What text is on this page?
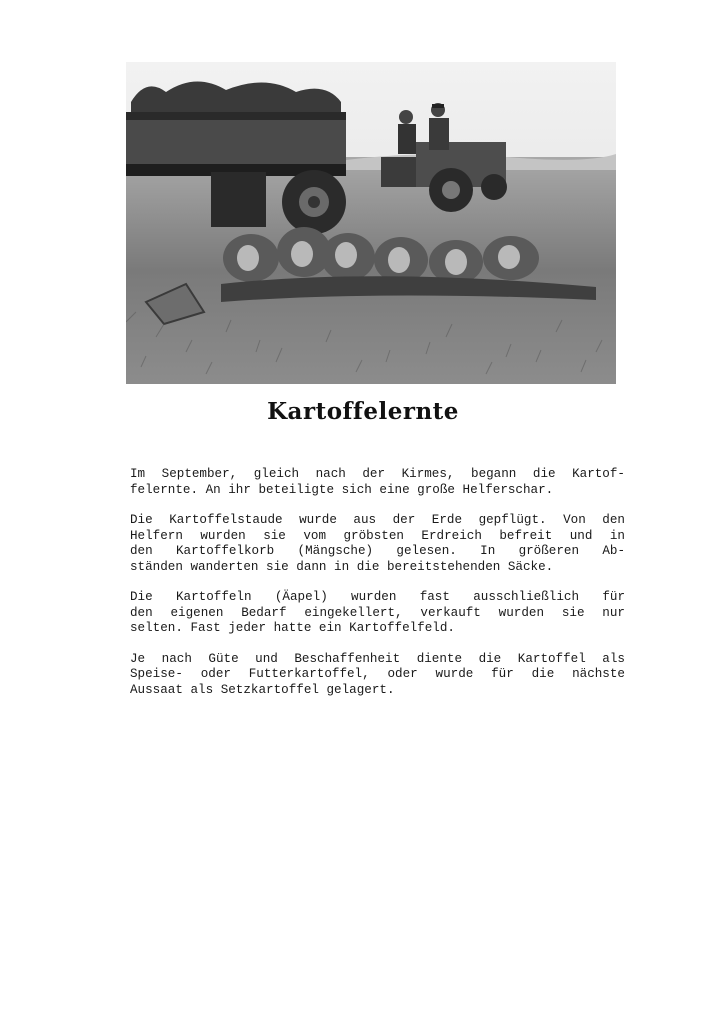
Kartoffelernte

Im September, gleich nach der Kirmes, begann die Kartof-
felernte. An ihr beteiligte sich eine große Helferschar.

Die Kartoffelstaude wurde aus der Erde gepflügt. Von den
Helfern wurden sie vom gröbsten Erdreich befreit und in
den Kartoffelkorb (Mängsche) gelesen. In größeren Ab-
ständen wanderten sie dann in die bereitstehenden Säcke.

Die Kartoffeln (Äapel) wurden fast ausschließlich für
den eigenen Bedarf eingekellert, verkauft wurden sie nur
selten. Fast jeder hatte ein Kartoffelfeld.

Je nach Güte und Beschaffenheit diente die Kartoffel als
Speise- oder Futterkartoffel, oder wurde für die nächste
Aussaat als Setzkartoffel gelagert.
